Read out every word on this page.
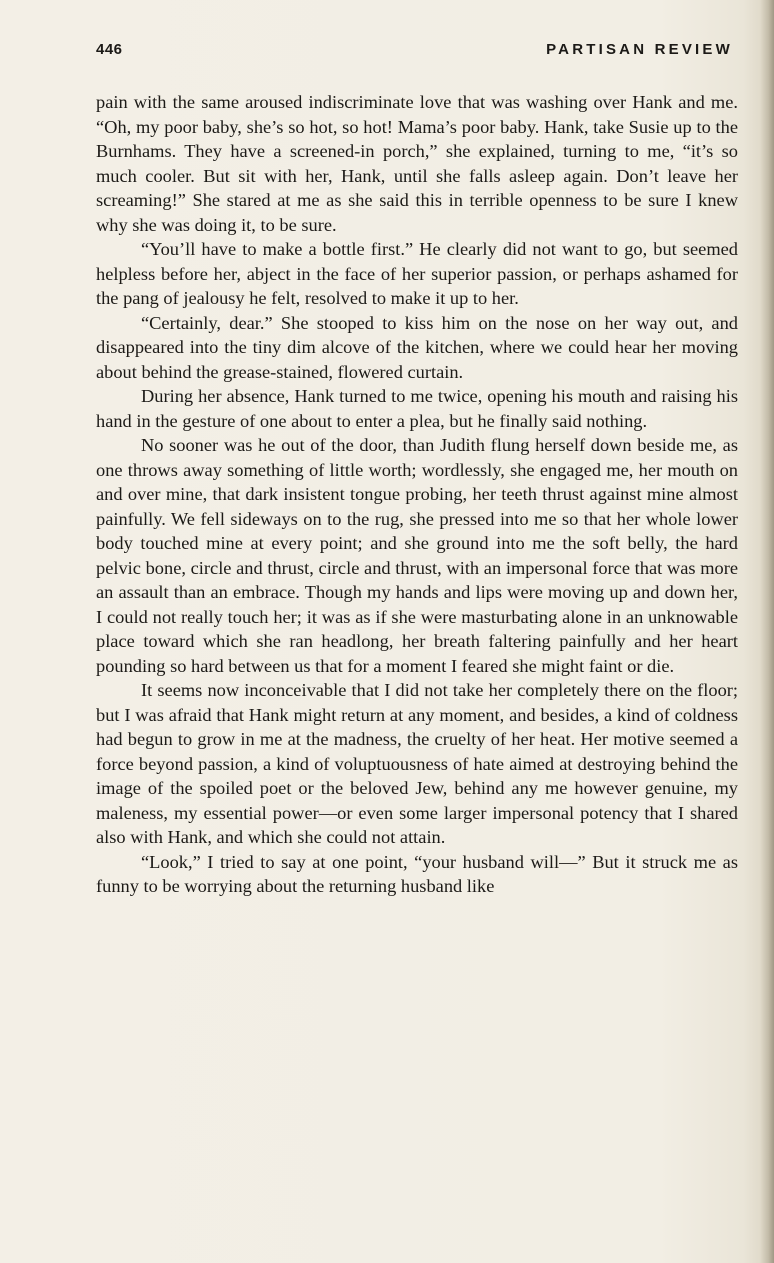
446	PARTISAN REVIEW

pain with the same aroused indiscriminate love that was washing over Hank and me. “Oh, my poor baby, she’s so hot, so hot! Mama’s poor baby. Hank, take Susie up to the Burnhams. They have a screened-in porch,” she explained, turning to me, “it’s so much cooler. But sit with her, Hank, until she falls asleep again. Don’t leave her screaming!” She stared at me as she said this in terrible openness to be sure I knew why she was doing it, to be sure.

“You’ll have to make a bottle first.” He clearly did not want to go, but seemed helpless before her, abject in the face of her superior passion, or perhaps ashamed for the pang of jealousy he felt, resolved to make it up to her.

“Certainly, dear.” She stooped to kiss him on the nose on her way out, and disappeared into the tiny dim alcove of the kitchen, where we could hear her moving about behind the grease-stained, flowered curtain.

During her absence, Hank turned to me twice, opening his mouth and raising his hand in the gesture of one about to enter a plea, but he finally said nothing.

No sooner was he out of the door, than Judith flung herself down beside me, as one throws away something of little worth; wordlessly, she engaged me, her mouth on and over mine, that dark insistent tongue probing, her teeth thrust against mine almost painfully. We fell sideways on to the rug, she pressed into me so that her whole lower body touched mine at every point; and she ground into me the soft belly, the hard pelvic bone, circle and thrust, circle and thrust, with an impersonal force that was more an assault than an embrace. Though my hands and lips were moving up and down her, I could not really touch her; it was as if she were masturbating alone in an unknowable place toward which she ran headlong, her breath faltering painfully and her heart pounding so hard between us that for a moment I feared she might faint or die.

It seems now inconceivable that I did not take her completely there on the floor; but I was afraid that Hank might return at any moment, and besides, a kind of coldness had begun to grow in me at the madness, the cruelty of her heat. Her motive seemed a force beyond passion, a kind of voluptuousness of hate aimed at destroying behind the image of the spoiled poet or the beloved Jew, behind any me however genuine, my maleness, my essential power—or even some larger impersonal potency that I shared also with Hank, and which she could not attain.

“Look,” I tried to say at one point, “your husband will—” But it struck me as funny to be worrying about the returning husband like
